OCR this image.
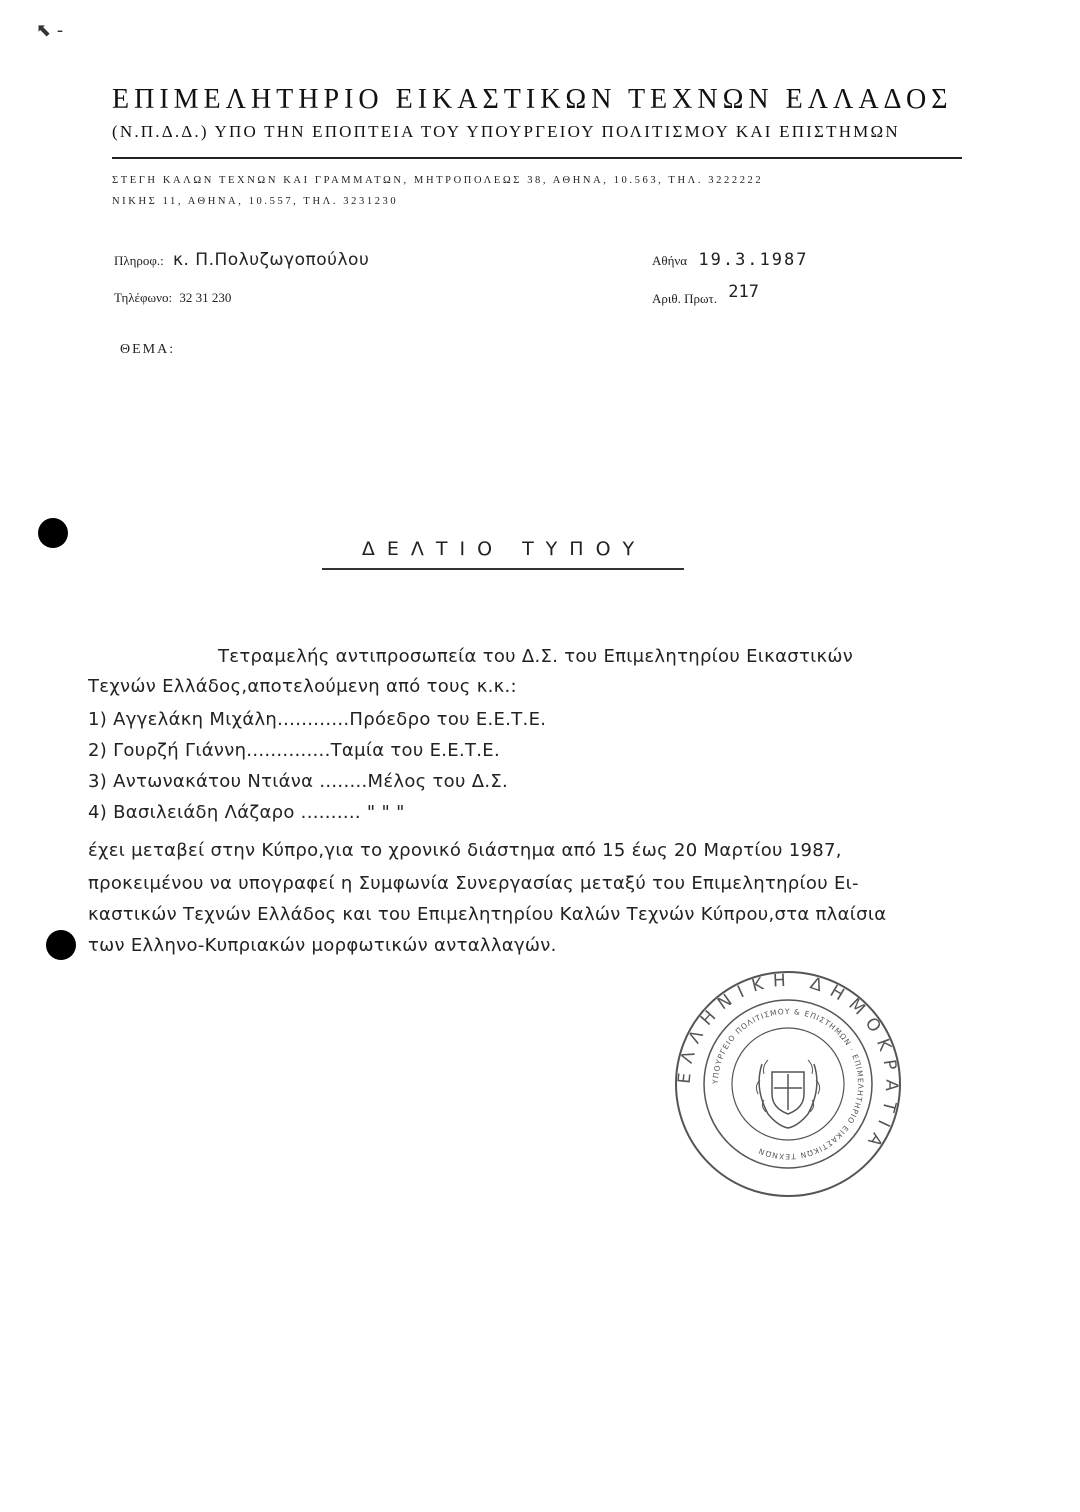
⬉ -
ΕΠΙΜΕΛΗΤΗΡΙΟ ΕΙΚΑΣΤΙΚΩΝ ΤΕΧΝΩΝ ΕΛΛΑΔΟΣ
(Ν.Π.Δ.Δ.) ΥΠΟ ΤΗΝ ΕΠΟΠΤΕΙΑ ΤΟΥ ΥΠΟΥΡΓΕΙΟΥ ΠΟΛΙΤΙΣΜΟΥ ΚΑΙ ΕΠΙΣΤΗΜΩΝ
ΣΤΕΓΗ ΚΑΛΩΝ ΤΕΧΝΩΝ ΚΑΙ ΓΡΑΜΜΑΤΩΝ, ΜΗΤΡΟΠΟΛΕΩΣ 38, ΑΘΗΝΑ, 10.563, ΤΗΛ. 3222222
ΝΙΚΗΣ 11, ΑΘΗΝΑ, 10.557, ΤΗΛ. 3231230
Πληροφ.: κ. Π.Πολυζωγοπούλου
Τηλέφωνο: 32 31 230
Αθήνα 19.3.1987
Αριθ. Πρωτ. 217
ΘΕΜΑ:
ΔΕΛΤΙΟ ΤΥΠΟΥ
Τετραμελής αντιπροσωπεία του Δ.Σ. του Επιμελητηρίου Εικαστικών
Τεχνών Ελλάδος,αποτελούμενη από τους κ.κ.:
1) Αγγελάκη Μιχάλη............Πρόεδρο του Ε.Ε.Τ.Ε.
2) Γουρζή Γιάννη..............Ταμία του Ε.Ε.Τ.Ε.
3) Αντωνακάτου Ντιάνα ........Μέλος του Δ.Σ.
4) Βασιλειάδη Λάζαρο .......... " " "
έχει μεταβεί στην Κύπρο,για το χρονικό διάστημα από 15 έως 20 Μαρτίου 1987,
προκειμένου να υπογραφεί η Συμφωνία Συνεργασίας μεταξύ του Επιμελητηρίου Ει-
καστικών Τεχνών Ελλάδος και του Επιμελητηρίου Καλών Τεχνών Κύπρου,στα πλαίσια
των Ελληνο-Κυπριακών μορφωτικών ανταλλαγών.
ΕΛΛΗΝΙΚΗ ΔΗΜΟΚΡΑΤΙΑ
ΥΠΟΥΡΓΕΙΟ ΠΟΛΙΤΙΣΜΟΥ & ΕΠΙΣΤΗΜΩΝ · ΕΠΙΜΕΛΗΤΗΡΙΟ ΕΙΚΑΣΤΙΚΩΝ ΤΕΧΝΩΝ
